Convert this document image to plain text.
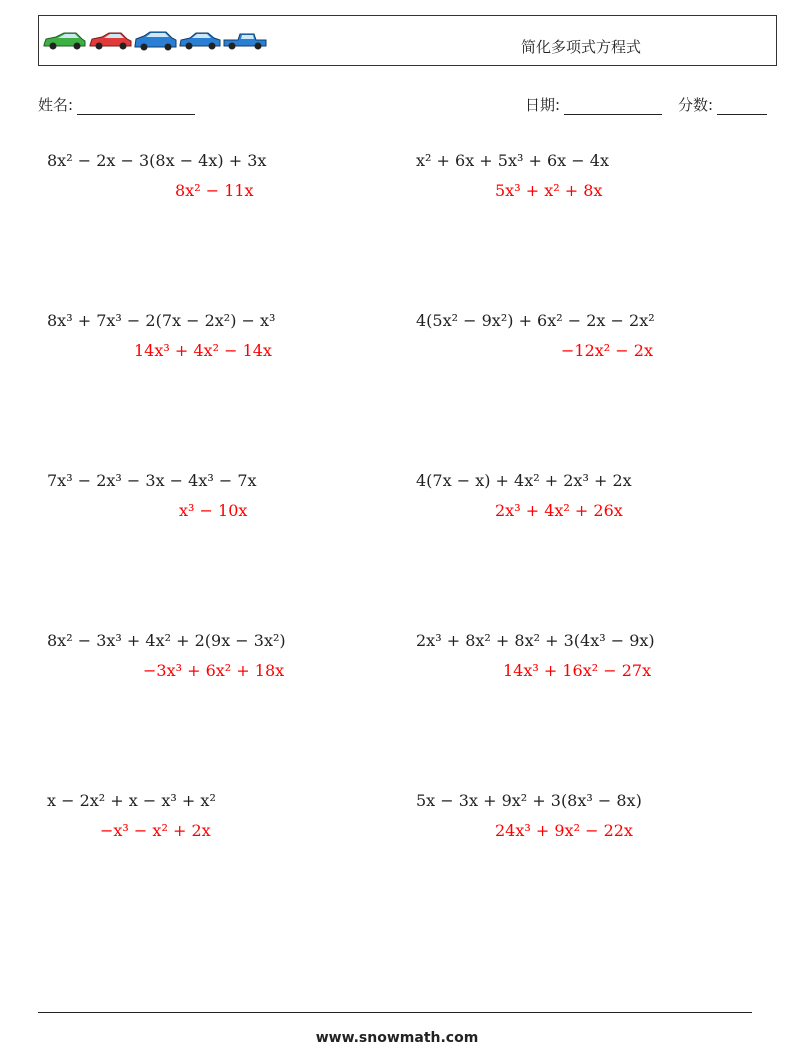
简化多项式方程式
姓名:	日期:	分数:
8x² − 2x − 3(8x − 4x) + 3x
8x² − 11x
x² + 6x + 5x³ + 6x − 4x
5x³ + x² + 8x
8x³ + 7x³ − 2(7x − 2x²) − x³
14x³ + 4x² − 14x
4(5x² − 9x²) + 6x² − 2x − 2x²
−12x² − 2x
7x³ − 2x³ − 3x − 4x³ − 7x
x³ − 10x
4(7x − x) + 4x² + 2x³ + 2x
2x³ + 4x² + 26x
8x² − 3x³ + 4x² + 2(9x − 3x²)
−3x³ + 6x² + 18x
2x³ + 8x² + 8x² + 3(4x³ − 9x)
14x³ + 16x² − 27x
x − 2x² + x − x³ + x²
−x³ − x² + 2x
5x − 3x + 9x² + 3(8x³ − 8x)
24x³ + 9x² − 22x
www.snowmath.com
